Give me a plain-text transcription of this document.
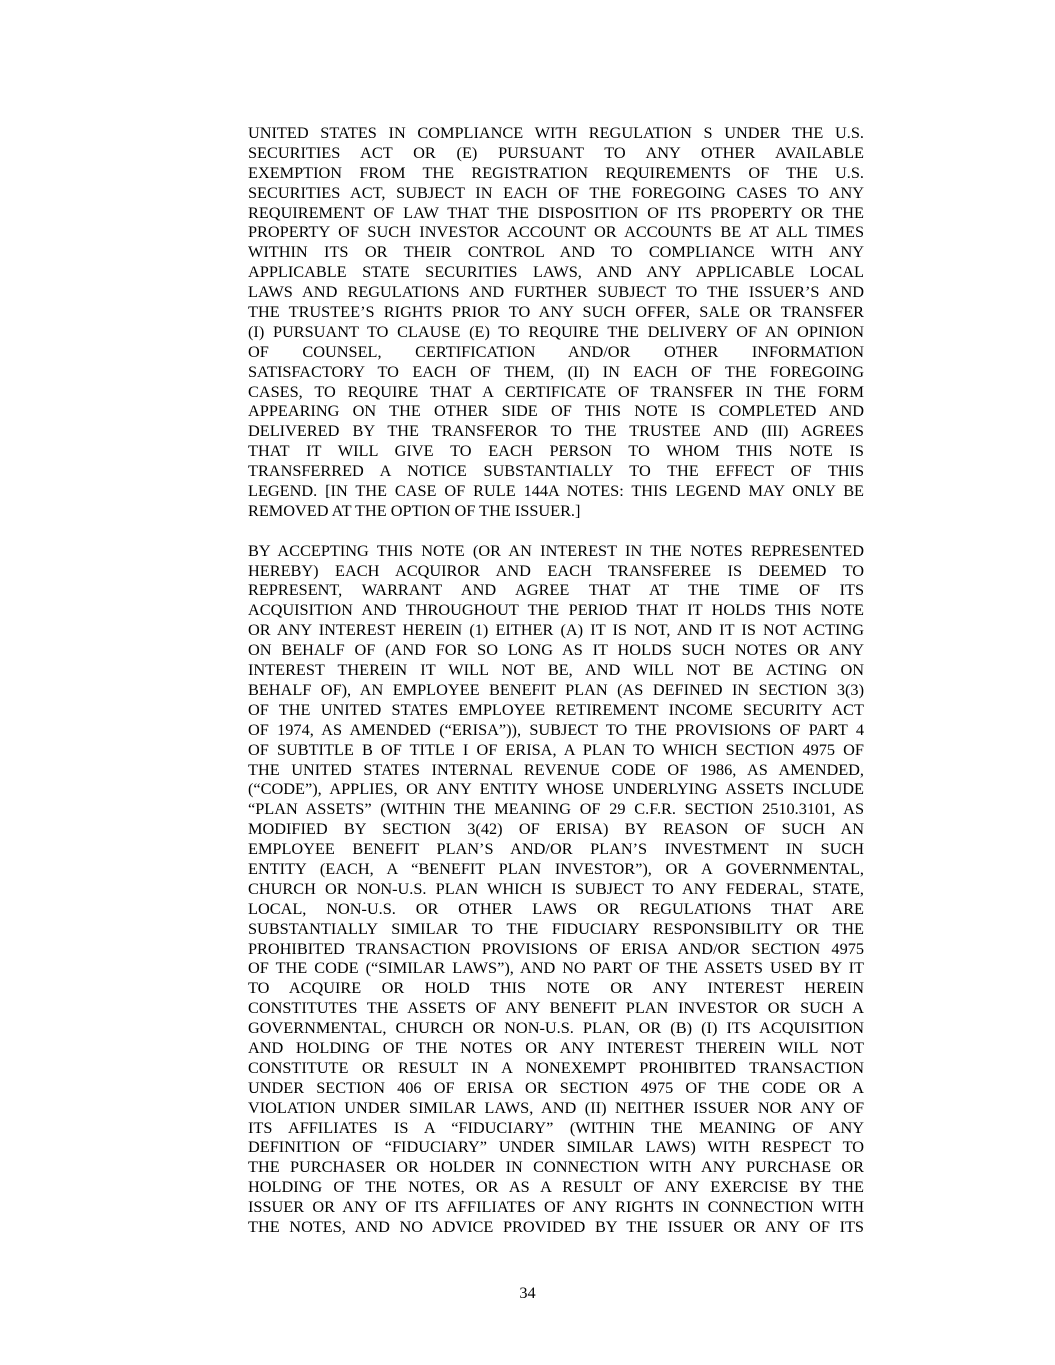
UNITED STATES IN COMPLIANCE WITH REGULATION S UNDER THE U.S.
SECURITIES ACT OR (E) PURSUANT TO ANY OTHER AVAILABLE
EXEMPTION FROM THE REGISTRATION REQUIREMENTS OF THE U.S.
SECURITIES ACT, SUBJECT IN EACH OF THE FOREGOING CASES TO ANY
REQUIREMENT OF LAW THAT THE DISPOSITION OF ITS PROPERTY OR THE
PROPERTY OF SUCH INVESTOR ACCOUNT OR ACCOUNTS BE AT ALL TIMES
WITHIN ITS OR THEIR CONTROL AND TO COMPLIANCE WITH ANY
APPLICABLE STATE SECURITIES LAWS, AND ANY APPLICABLE LOCAL
LAWS AND REGULATIONS AND FURTHER SUBJECT TO THE ISSUER’S AND
THE TRUSTEE’S RIGHTS PRIOR TO ANY SUCH OFFER, SALE OR TRANSFER
(I) PURSUANT TO CLAUSE (E) TO REQUIRE THE DELIVERY OF AN OPINION
OF COUNSEL, CERTIFICATION AND/OR OTHER INFORMATION
SATISFACTORY TO EACH OF THEM, (II) IN EACH OF THE FOREGOING
CASES, TO REQUIRE THAT A CERTIFICATE OF TRANSFER IN THE FORM
APPEARING ON THE OTHER SIDE OF THIS NOTE IS COMPLETED AND
DELIVERED BY THE TRANSFEROR TO THE TRUSTEE AND (III) AGREES
THAT IT WILL GIVE TO EACH PERSON TO WHOM THIS NOTE IS
TRANSFERRED A NOTICE SUBSTANTIALLY TO THE EFFECT OF THIS
LEGEND. [IN THE CASE OF RULE 144A NOTES: THIS LEGEND MAY ONLY BE
REMOVED AT THE OPTION OF THE ISSUER.]
BY ACCEPTING THIS NOTE (OR AN INTEREST IN THE NOTES REPRESENTED
HEREBY) EACH ACQUIROR AND EACH TRANSFEREE IS DEEMED TO
REPRESENT, WARRANT AND AGREE THAT AT THE TIME OF ITS
ACQUISITION AND THROUGHOUT THE PERIOD THAT IT HOLDS THIS NOTE
OR ANY INTEREST HEREIN (1) EITHER (A) IT IS NOT, AND IT IS NOT ACTING
ON BEHALF OF (AND FOR SO LONG AS IT HOLDS SUCH NOTES OR ANY
INTEREST THEREIN IT WILL NOT BE, AND WILL NOT BE ACTING ON
BEHALF OF), AN EMPLOYEE BENEFIT PLAN (AS DEFINED IN SECTION 3(3)
OF THE UNITED STATES EMPLOYEE RETIREMENT INCOME SECURITY ACT
OF 1974, AS AMENDED (“ERISA”)), SUBJECT TO THE PROVISIONS OF PART 4
OF SUBTITLE B OF TITLE I OF ERISA, A PLAN TO WHICH SECTION 4975 OF
THE UNITED STATES INTERNAL REVENUE CODE OF 1986, AS AMENDED,
(“CODE”), APPLIES, OR ANY ENTITY WHOSE UNDERLYING ASSETS INCLUDE
“PLAN ASSETS” (WITHIN THE MEANING OF 29 C.F.R. SECTION 2510.3101, AS
MODIFIED BY SECTION 3(42) OF ERISA) BY REASON OF SUCH AN
EMPLOYEE BENEFIT PLAN’S AND/OR PLAN’S INVESTMENT IN SUCH
ENTITY (EACH, A “BENEFIT PLAN INVESTOR”), OR A GOVERNMENTAL,
CHURCH OR NON-U.S. PLAN WHICH IS SUBJECT TO ANY FEDERAL, STATE,
LOCAL, NON-U.S. OR OTHER LAWS OR REGULATIONS THAT ARE
SUBSTANTIALLY SIMILAR TO THE FIDUCIARY RESPONSIBILITY OR THE
PROHIBITED TRANSACTION PROVISIONS OF ERISA AND/OR SECTION 4975
OF THE CODE (“SIMILAR LAWS”), AND NO PART OF THE ASSETS USED BY IT
TO ACQUIRE OR HOLD THIS NOTE OR ANY INTEREST HEREIN
CONSTITUTES THE ASSETS OF ANY BENEFIT PLAN INVESTOR OR SUCH A
GOVERNMENTAL, CHURCH OR NON-U.S. PLAN, OR (B) (I) ITS ACQUISITION
AND HOLDING OF THE NOTES OR ANY INTEREST THEREIN WILL NOT
CONSTITUTE OR RESULT IN A NONEXEMPT PROHIBITED TRANSACTION
UNDER SECTION 406 OF ERISA OR SECTION 4975 OF THE CODE OR A
VIOLATION UNDER SIMILAR LAWS, AND (II) NEITHER ISSUER NOR ANY OF
ITS AFFILIATES IS A “FIDUCIARY” (WITHIN THE MEANING OF ANY
DEFINITION OF “FIDUCIARY” UNDER SIMILAR LAWS) WITH RESPECT TO
THE PURCHASER OR HOLDER IN CONNECTION WITH ANY PURCHASE OR
HOLDING OF THE NOTES, OR AS A RESULT OF ANY EXERCISE BY THE
ISSUER OR ANY OF ITS AFFILIATES OF ANY RIGHTS IN CONNECTION WITH
THE NOTES, AND NO ADVICE PROVIDED BY THE ISSUER OR ANY OF ITS
34
